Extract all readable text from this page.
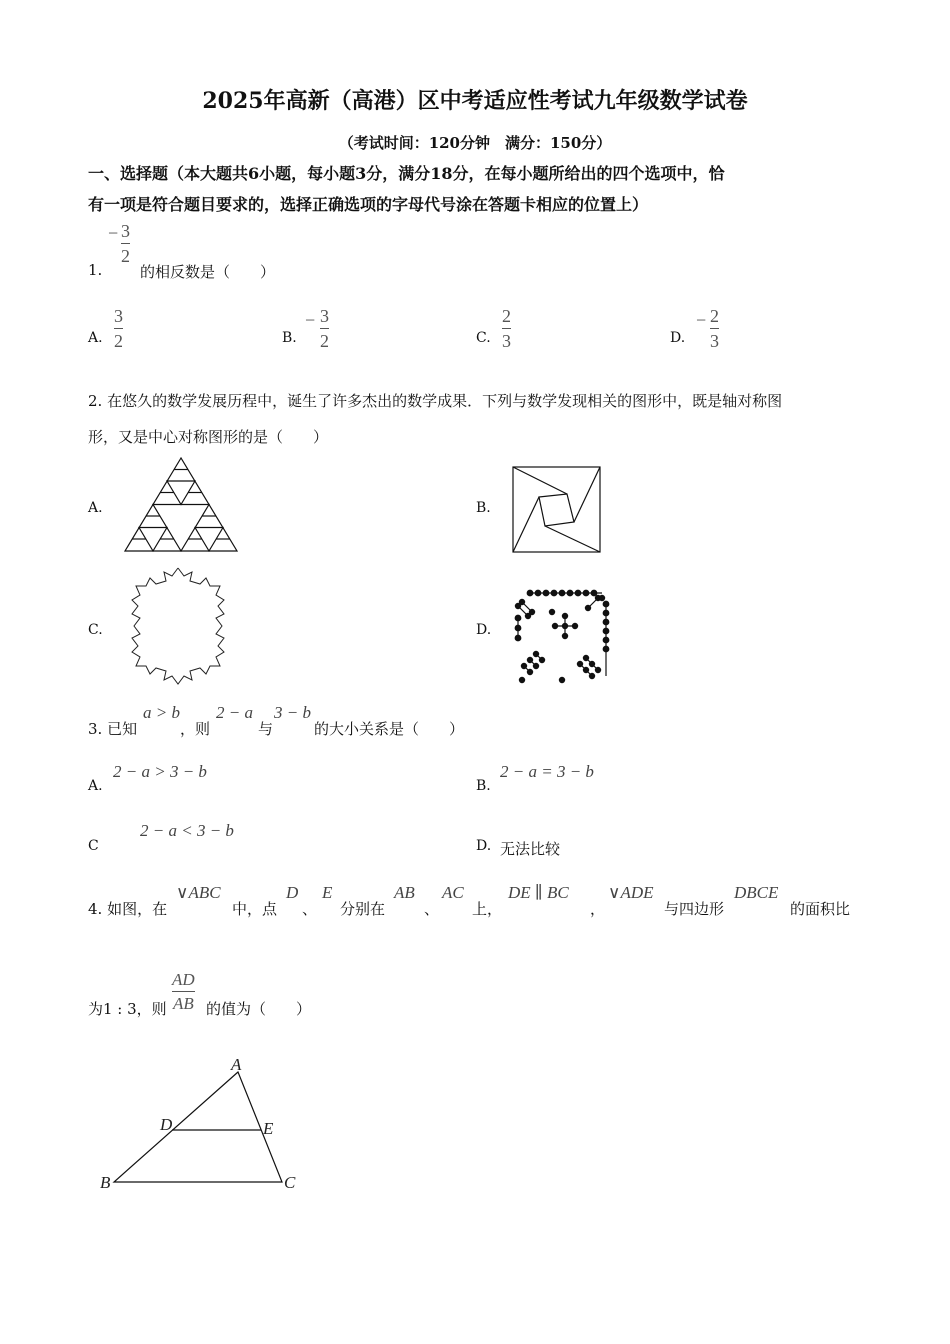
2025年高新（高港）区中考适应性考试九年级数学试卷
（考试时间：120分钟　满分：150分）
一、选择题（本大题共6小题，每小题3分，满分18分，在每小题所给出的四个选项中，恰
有一项是符合题目要求的，选择正确选项的字母代号涂在答题卡相应的位置上）
− 3
2
1.	的相反数是（　　）
A.
3
2	B.
− 3
2	C.
2
3	D.
− 2
3
2. 在悠久的数学发展历程中，诞生了许多杰出的数学成果．下列与数学发现相关的图形中，既是轴对称图
形，又是中心对称图形的是（　　）
A.	B.
C.	D.
3. 已知
a > b
，则
2 − a
与
3 − b
的大小关系是（　　）
A.
2 − a > 3 − b
B.
2 − a = 3 − b
C
2 − a < 3 − b
D. 无法比较
4. 如图，在
∨ABC
中，点
D
、
E
分别在
AB
、
AC
上，
DE ∥ BC
，
∨ADE
与四边形
DBCE
的面积比
为1 : 3，则
AD
AB 的值为（　　）
A
D	E
B	C
